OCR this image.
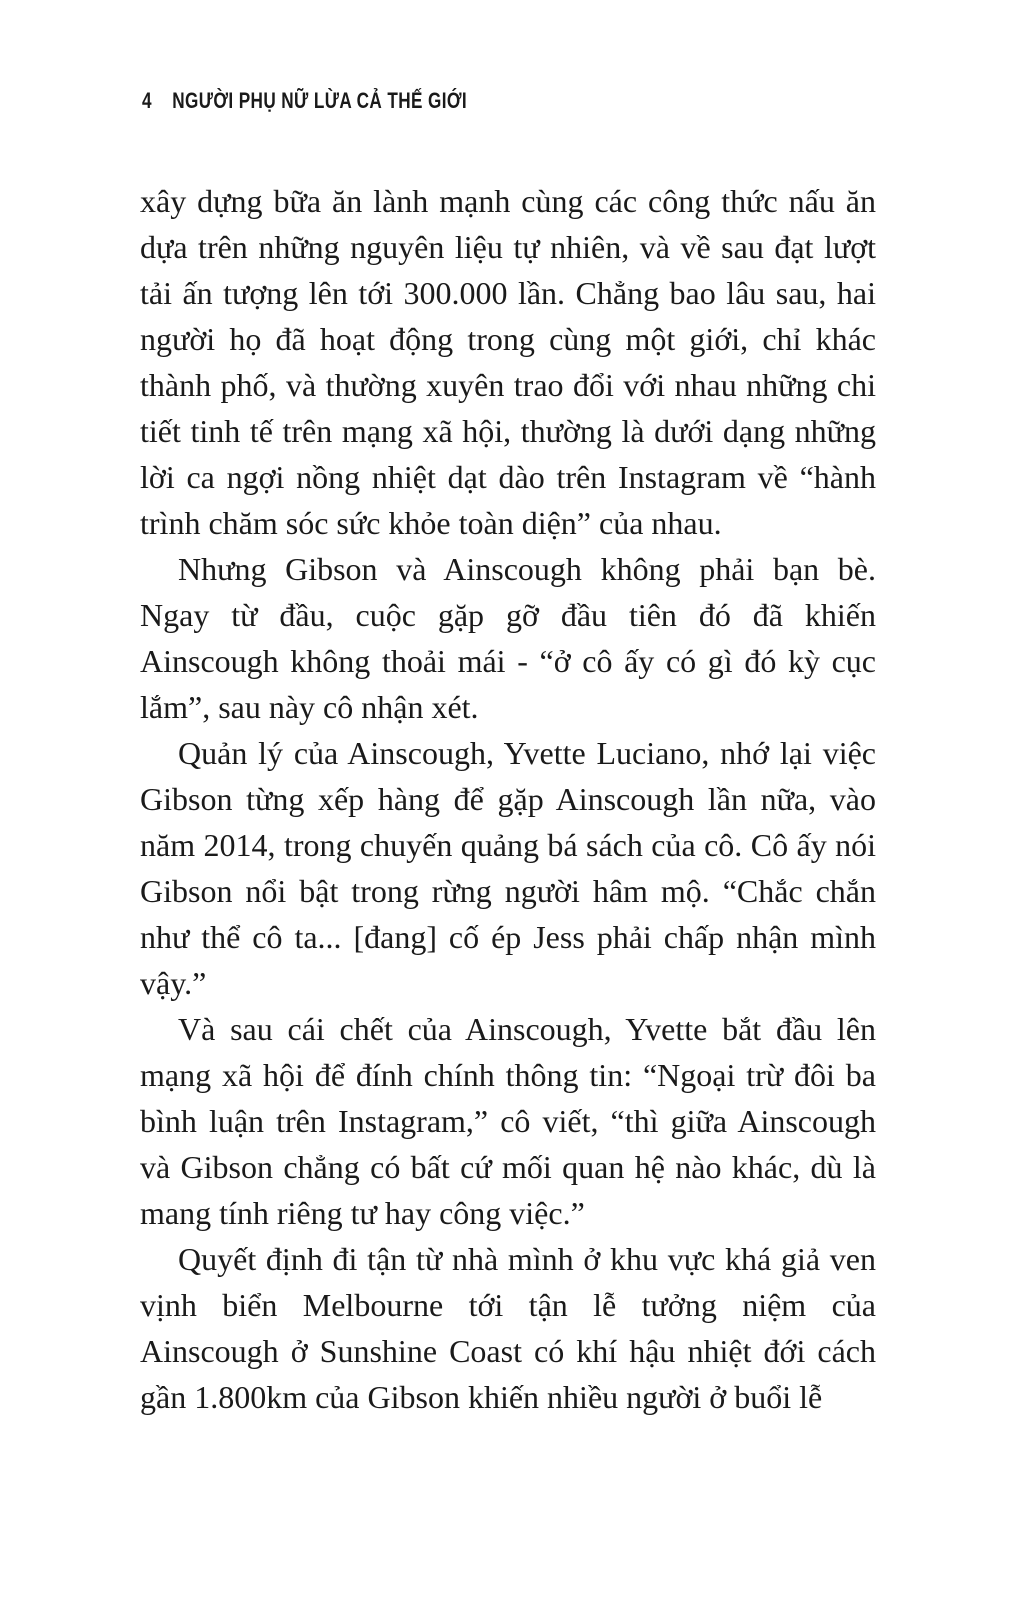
4 NGƯỜI PHỤ NỮ LỪA CẢ THẾ GIỚI

xây dựng bữa ăn lành mạnh cùng các công thức nấu ăn dựa trên những nguyên liệu tự nhiên, và về sau đạt lượt tải ấn tượng lên tới 300.000 lần. Chẳng bao lâu sau, hai người họ đã hoạt động trong cùng một giới, chỉ khác thành phố, và thường xuyên trao đổi với nhau những chi tiết tinh tế trên mạng xã hội, thường là dưới dạng những lời ca ngợi nồng nhiệt dạt dào trên Instagram về “hành trình chăm sóc sức khỏe toàn diện” của nhau.

Nhưng Gibson và Ainscough không phải bạn bè. Ngay từ đầu, cuộc gặp gỡ đầu tiên đó đã khiến Ainscough không thoải mái - “ở cô ấy có gì đó kỳ cục lắm”, sau này cô nhận xét.

Quản lý của Ainscough, Yvette Luciano, nhớ lại việc Gibson từng xếp hàng để gặp Ainscough lần nữa, vào năm 2014, trong chuyến quảng bá sách của cô. Cô ấy nói Gibson nổi bật trong rừng người hâm mộ. “Chắc chắn như thể cô ta... [đang] cố ép Jess phải chấp nhận mình vậy.”

Và sau cái chết của Ainscough, Yvette bắt đầu lên mạng xã hội để đính chính thông tin: “Ngoại trừ đôi ba bình luận trên Instagram,” cô viết, “thì giữa Ainscough và Gibson chẳng có bất cứ mối quan hệ nào khác, dù là mang tính riêng tư hay công việc.”

Quyết định đi tận từ nhà mình ở khu vực khá giả ven vịnh biển Melbourne tới tận lễ tưởng niệm của Ainscough ở Sunshine Coast có khí hậu nhiệt đới cách gần 1.800km của Gibson khiến nhiều người ở buổi lễ
